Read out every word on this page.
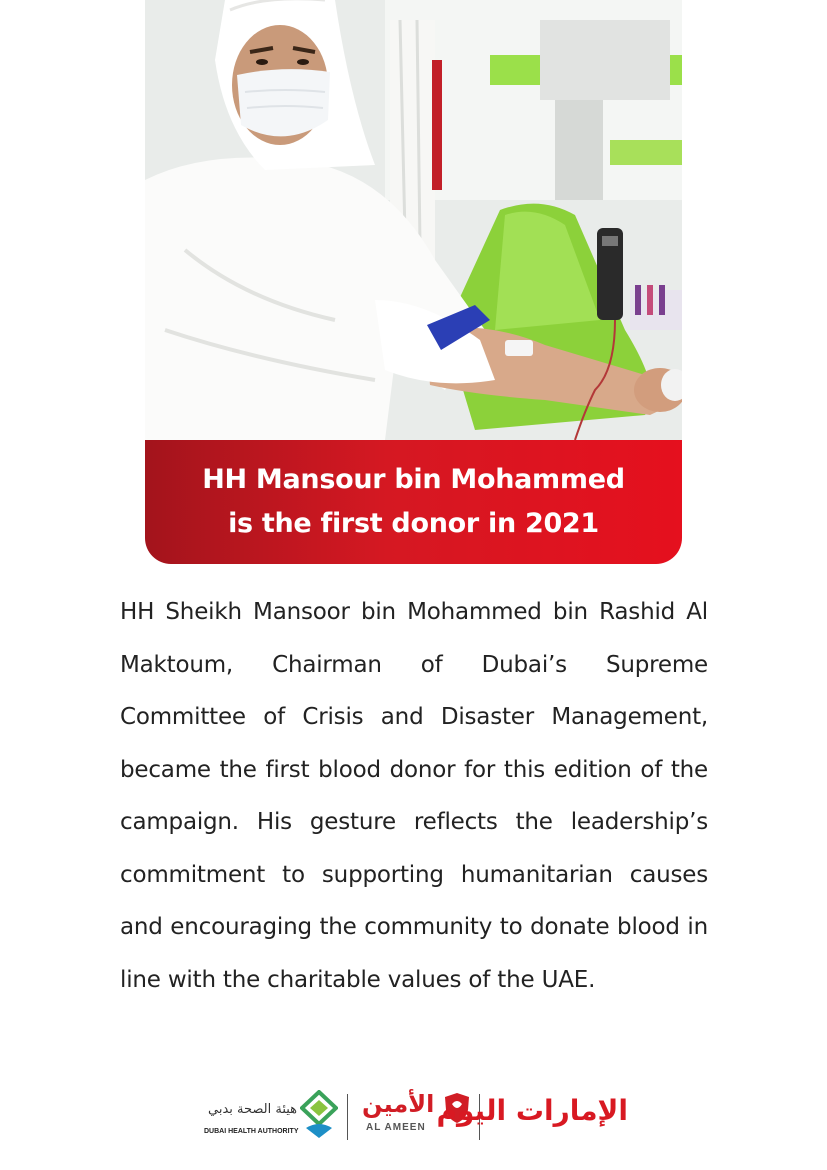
HH Mansour bin Mohammed
is the first donor in 2021

HH Sheikh Mansoor bin Mohammed bin Rashid Al Maktoum, Chairman of Dubai’s Supreme Committee of Crisis and Disaster Management, became the first blood donor for this edition of the campaign. His gesture reflects the leadership’s commitment to supporting humanitarian causes and encouraging the community to donate blood in line with the charitable values of the UAE.

هيئة الصحة بدبي
DUBAI HEALTH AUTHORITY
الأمين
AL AMEEN
الإمارات اليوم
